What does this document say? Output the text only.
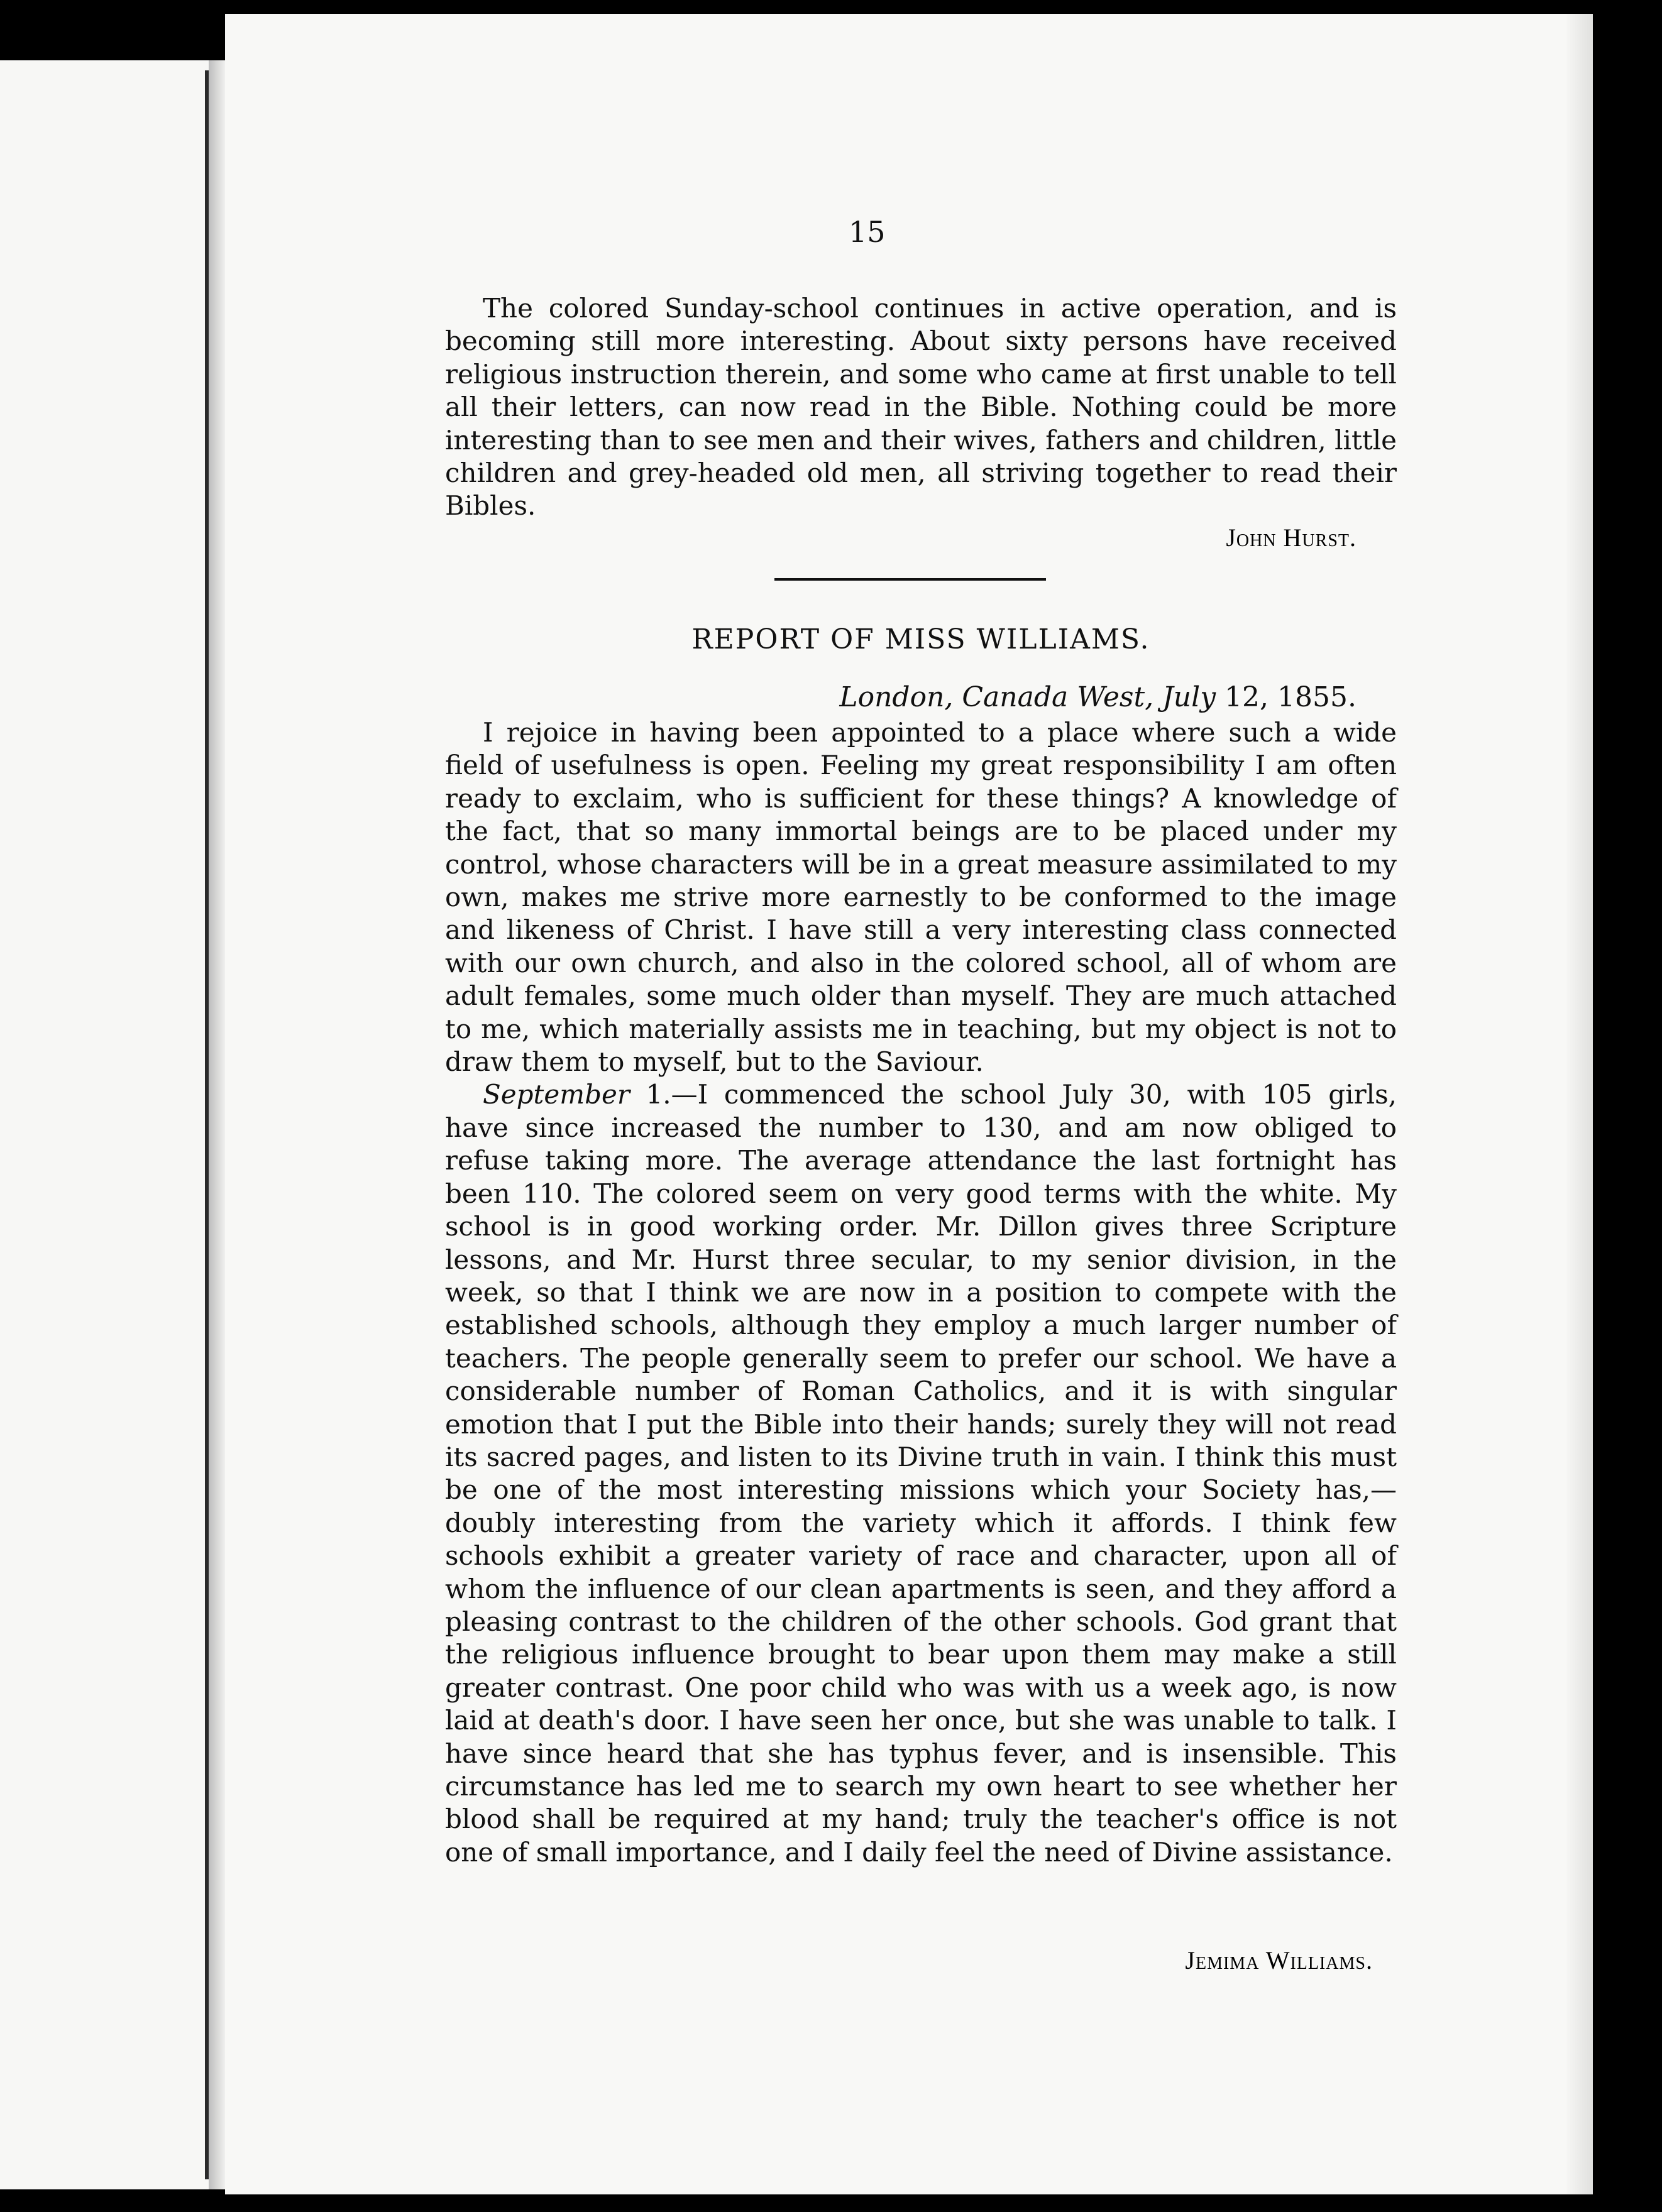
15

The colored Sunday-school continues in active operation, and is becoming still more interesting. About sixty persons have received religious instruction therein, and some who came at first unable to tell all their letters, can now read in the Bible. Nothing could be more interesting than to see men and their wives, fathers and children, little children and grey-headed old men, all striving together to read their Bibles.

John Hurst.

REPORT OF MISS WILLIAMS.
London, Canada West, July 12, 1855.

I rejoice in having been appointed to a place where such a wide field of usefulness is open. Feeling my great responsibility I am often ready to exclaim, who is sufficient for these things? A knowledge of the fact, that so many immortal beings are to be placed under my control, whose characters will be in a great measure assimilated to my own, makes me strive more earnestly to be conformed to the image and likeness of Christ. I have still a very interesting class connected with our own church, and also in the colored school, all of whom are adult females, some much older than myself. They are much attached to me, which materially assists me in teaching, but my object is not to draw them to myself, but to the Saviour.

September 1.—I commenced the school July 30, with 105 girls, have since increased the number to 130, and am now obliged to refuse taking more. The average attendance the last fortnight has been 110. The colored seem on very good terms with the white. My school is in good working order. Mr. Dillon gives three Scripture lessons, and Mr. Hurst three secular, to my senior division, in the week, so that I think we are now in a position to compete with the established schools, although they employ a much larger number of teachers. The people generally seem to prefer our school. We have a considerable number of Roman Catholics, and it is with singular emotion that I put the Bible into their hands; surely they will not read its sacred pages, and listen to its Divine truth in vain. I think this must be one of the most interesting missions which your Society has,—doubly interesting from the variety which it affords. I think few schools exhibit a greater variety of race and character, upon all of whom the influence of our clean apartments is seen, and they afford a pleasing contrast to the children of the other schools. God grant that the religious influence brought to bear upon them may make a still greater contrast. One poor child who was with us a week ago, is now laid at death's door. I have seen her once, but she was unable to talk. I have since heard that she has typhus fever, and is insensible. This circumstance has led me to search my own heart to see whether her blood shall be required at my hand; truly the teacher's office is not one of small importance, and I daily feel the need of Divine assistance.

Jemima Williams.
